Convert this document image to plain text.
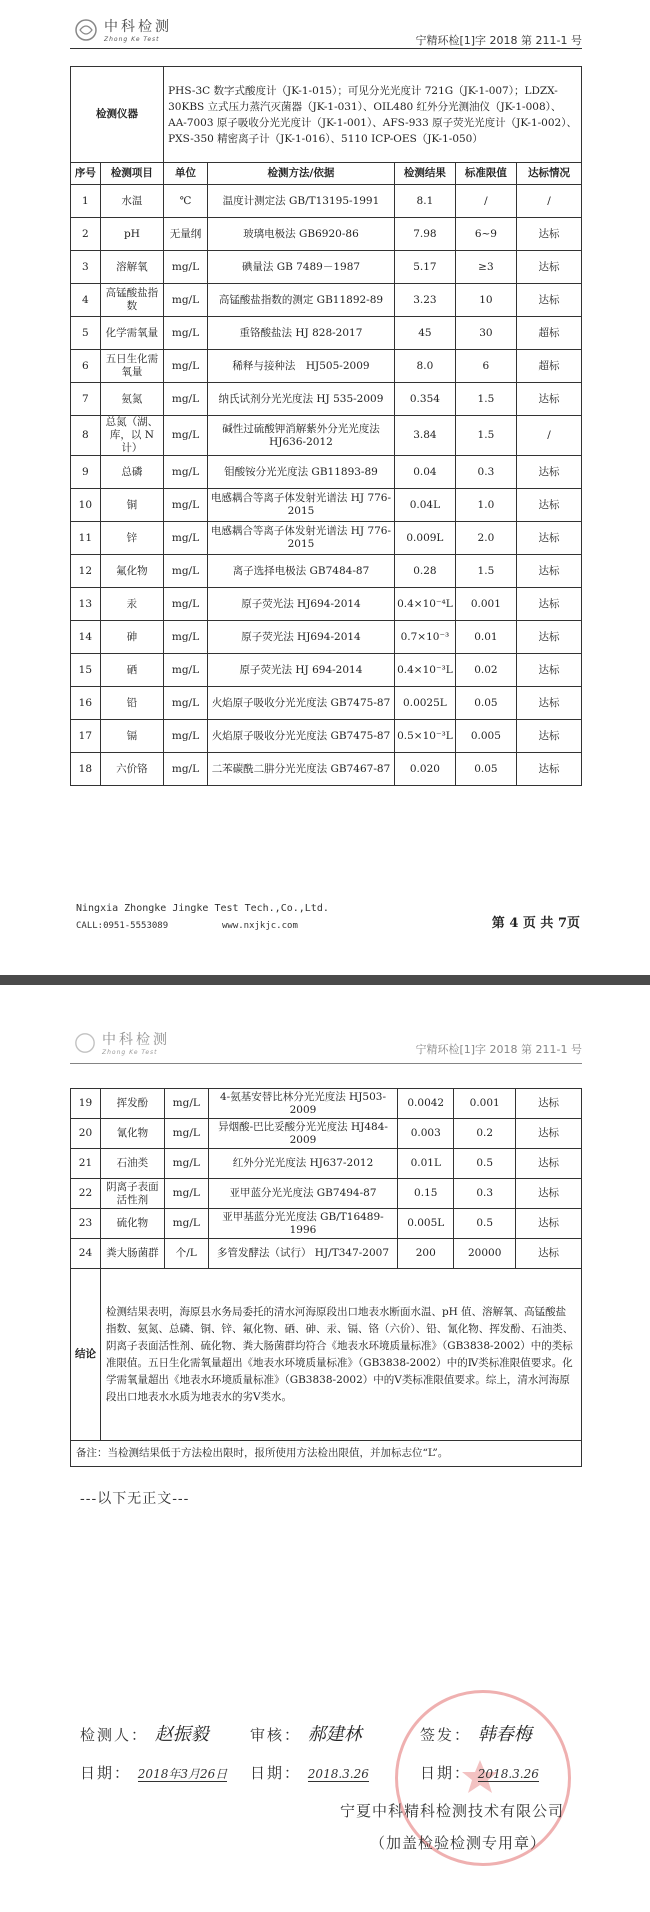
中科检测
Zhong Ke Test	宁精环检[1]字 2018 第 211-1 号
检测仪器		PHS-3C 数字式酸度计（JK-1-015）；可见分光光度计 721G（JK-1-007）；LDZX-30KBS 立式压力蒸汽灭菌器（JK-1-031）、OIL480 红外分光测油仪（JK-1-008）、AA-7003 原子吸收分光光度计（JK-1-001）、AFS-933 原子荧光光度计（JK-1-002）、PXS-350 精密离子计（JK-1-016）、5110 ICP-OES（JK-1-050）				
序号	检测项目	单位	检测方法/依据	检测结果	标准限值	达标情况
1	水温	℃	温度计测定法 GB/T13195-1991	8.1	/	/
2	pH	无量纲	玻璃电极法 GB6920-86	7.98	6~9	达标
3	溶解氧	mg/L	碘量法 GB 7489－1987	5.17	≥3	达标
4	高锰酸盐指数	mg/L	高锰酸盐指数的测定 GB11892-89	3.23	10	达标
5	化学需氧量	mg/L	重铬酸盐法 HJ 828-2017	45	30	超标
6	五日生化需氧量	mg/L	稀释与接种法　HJ505-2009	8.0	6	超标
7	氨氮	mg/L	纳氏试剂分光光度法 HJ 535-2009	0.354	1.5	达标
8	总氮（湖、库，以 N 计）	mg/L	碱性过硫酸钾消解紫外分光光度法 HJ636-2012	3.84	1.5	/
9	总磷	mg/L	钼酸铵分光光度法 GB11893-89	0.04	0.3	达标
10	铜	mg/L	电感耦合等离子体发射光谱法 HJ 776-2015	0.04L	1.0	达标
11	锌	mg/L	电感耦合等离子体发射光谱法 HJ 776-2015	0.009L	2.0	达标
12	氟化物	mg/L	离子选择电极法 GB7484-87	0.28	1.5	达标
13	汞	mg/L	原子荧光法 HJ694-2014	0.4×10⁻⁴L	0.001	达标
14	砷	mg/L	原子荧光法 HJ694-2014	0.7×10⁻³	0.01	达标
15	硒	mg/L	原子荧光法 HJ 694-2014	0.4×10⁻³L	0.02	达标
16	铅	mg/L	火焰原子吸收分光光度法 GB7475-87	0.0025L	0.05	达标
17	镉	mg/L	火焰原子吸收分光光度法 GB7475-87	0.5×10⁻³L	0.005	达标
18	六价铬	mg/L	二苯碳酰二肼分光光度法 GB7467-87	0.020	0.05	达标
Ningxia Zhongke Jingke Test Tech.,Co.,Ltd.
CALL:0951-5553089	www.nxjkjc.com	第 4 页 共 7页
中科检测
Zhong Ke Test	宁精环检[1]字 2018 第 211-1 号
19	挥发酚	mg/L	4-氨基安替比林分光光度法 HJ503-2009	0.0042	0.001	达标
20	氰化物	mg/L	异烟酸-巴比妥酸分光光度法 HJ484-2009	0.003	0.2	达标
21	石油类	mg/L	红外分光光度法 HJ637-2012	0.01L	0.5	达标
22	阴离子表面活性剂	mg/L	亚甲蓝分光光度法 GB7494-87	0.15	0.3	达标
23	硫化物	mg/L	亚甲基蓝分光光度法 GB/T16489-1996	0.005L	0.5	达标
24	粪大肠菌群	个/L	多管发酵法（试行） HJ/T347-2007	200	20000	达标
结论	检测结果表明，海原县水务局委托的清水河海原段出口地表水断面水温、pH 值、溶解氧、高锰酸盐指数、氨氮、总磷、铜、锌、氟化物、硒、砷、汞、镉、铬（六价）、铅、氰化物、挥发酚、石油类、阴离子表面活性剂、硫化物、粪大肠菌群均符合《地表水环境质量标准》（GB3838-2002）中的类标准限值。五日生化需氧量超出《地表水环境质量标准》（GB3838-2002）中的Ⅳ类标准限值要求。化学需氧量超出《地表水环境质量标准》（GB3838-2002）中的Ⅴ类标准限值要求。综上，清水河海原段出口地表水水质为地表水的劣Ⅴ类水。					
备注：当检测结果低于方法检出限时，报所使用方法检出限值，并加标志位“L”。						
---以下无正文---
检测人： 赵振毅	审核： 郝建林	签发： 韩春梅
日期： 2018年3月26日 日期： 2018.3.26	日期： 2018.3.26
宁夏中科精科检测技术有限公司
（加盖检验检测专用章）
